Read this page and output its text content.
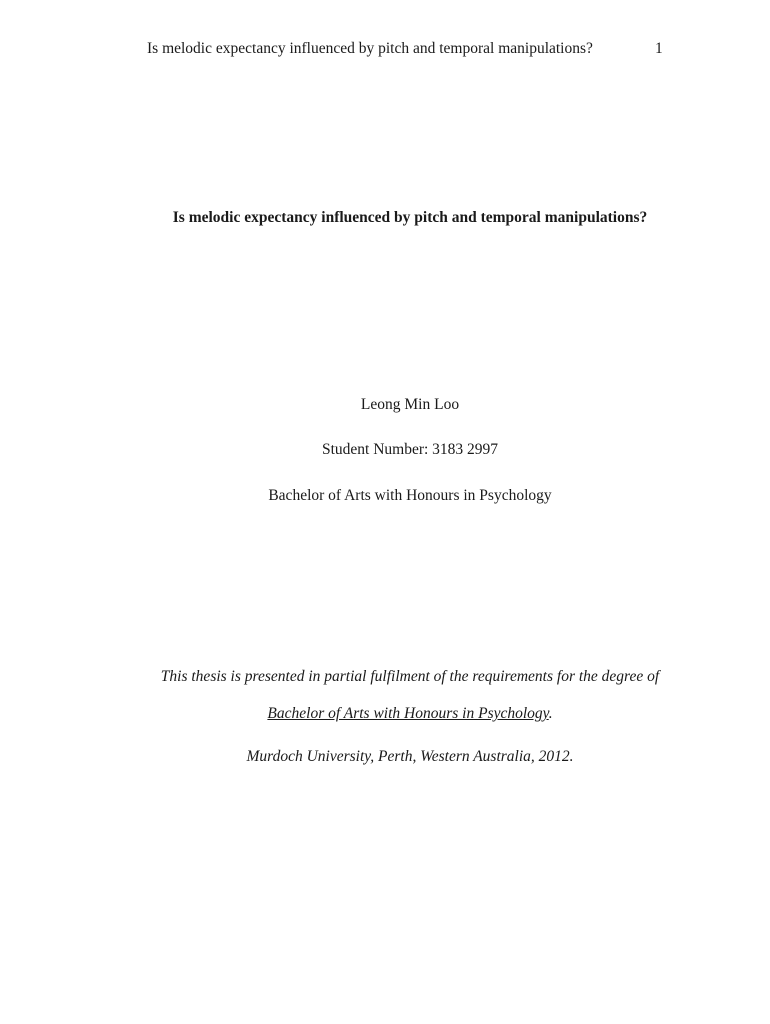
Is melodic expectancy influenced by pitch and temporal manipulations?	1
Is melodic expectancy influenced by pitch and temporal manipulations?
Leong Min Loo
Student Number: 3183 2997
Bachelor of Arts with Honours in Psychology
This thesis is presented in partial fulfilment of the requirements for the degree of
Bachelor of Arts with Honours in Psychology.
Murdoch University, Perth, Western Australia, 2012.
